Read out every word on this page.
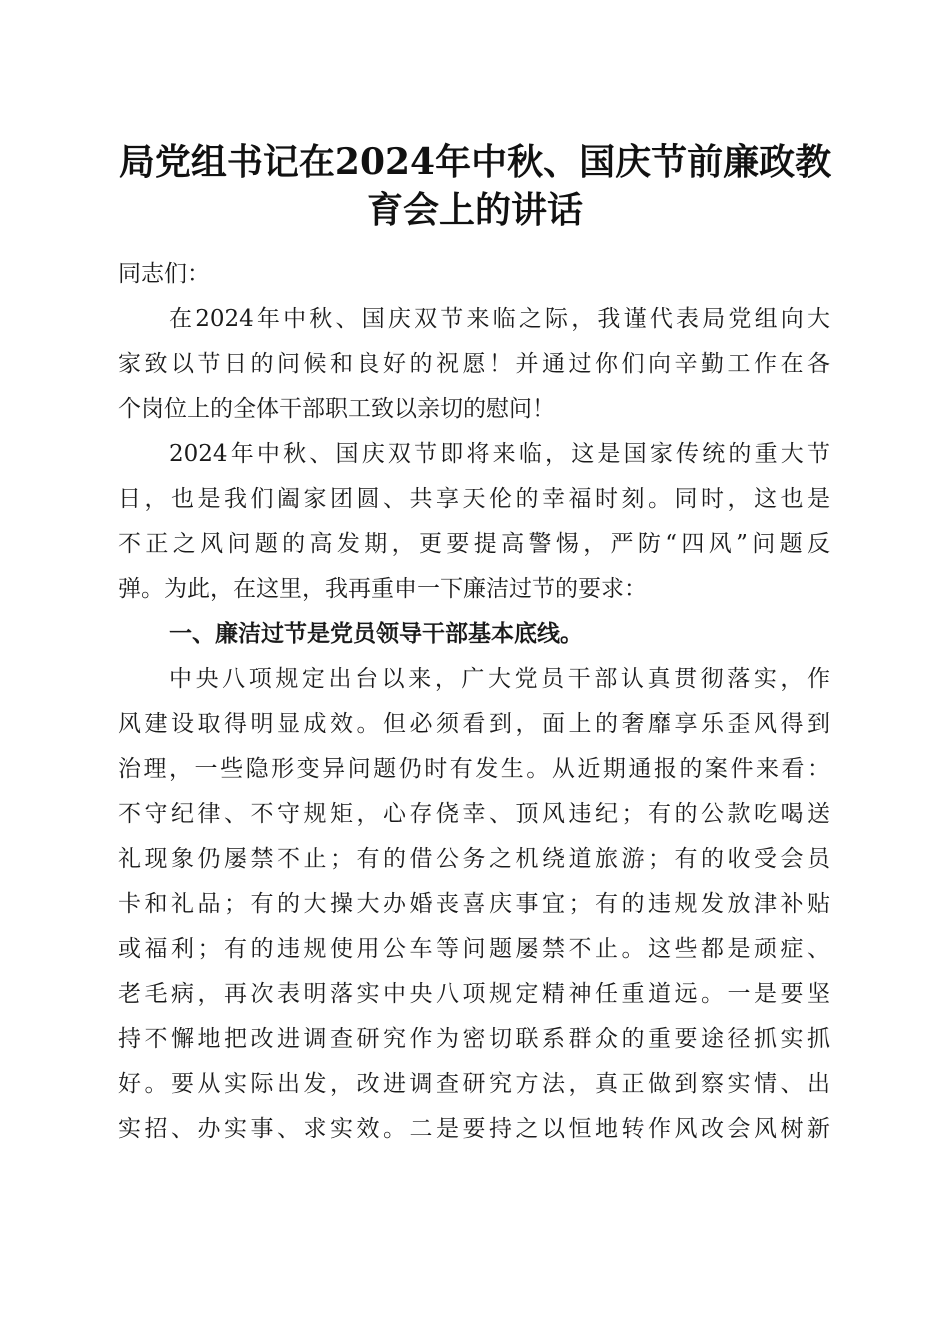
局党组书记在2024年中秋、国庆节前廉政教
育会上的讲话
同志们：
在2024年中秋、国庆双节来临之际，我谨代表局党组向大
家致以节日的问候和良好的祝愿！并通过你们向辛勤工作在各
个岗位上的全体干部职工致以亲切的慰问！
2024年中秋、国庆双节即将来临，这是国家传统的重大节
日，也是我们阖家团圆、共享天伦的幸福时刻。同时，这也是
不正之风问题的高发期，更要提高警惕，严防“四风”问题反
弹。为此，在这里，我再重申一下廉洁过节的要求：
一、廉洁过节是党员领导干部基本底线。
中央八项规定出台以来，广大党员干部认真贯彻落实，作
风建设取得明显成效。但必须看到，面上的奢靡享乐歪风得到
治理，一些隐形变异问题仍时有发生。从近期通报的案件来看：
不守纪律、不守规矩，心存侥幸、顶风违纪；有的公款吃喝送
礼现象仍屡禁不止；有的借公务之机绕道旅游；有的收受会员
卡和礼品；有的大操大办婚丧喜庆事宜；有的违规发放津补贴
或福利；有的违规使用公车等问题屡禁不止。这些都是顽症、
老毛病，再次表明落实中央八项规定精神任重道远。一是要坚
持不懈地把改进调查研究作为密切联系群众的重要途径抓实抓
好。要从实际出发，改进调查研究方法，真正做到察实情、出
实招、办实事、求实效。二是要持之以恒地转作风改会风树新
